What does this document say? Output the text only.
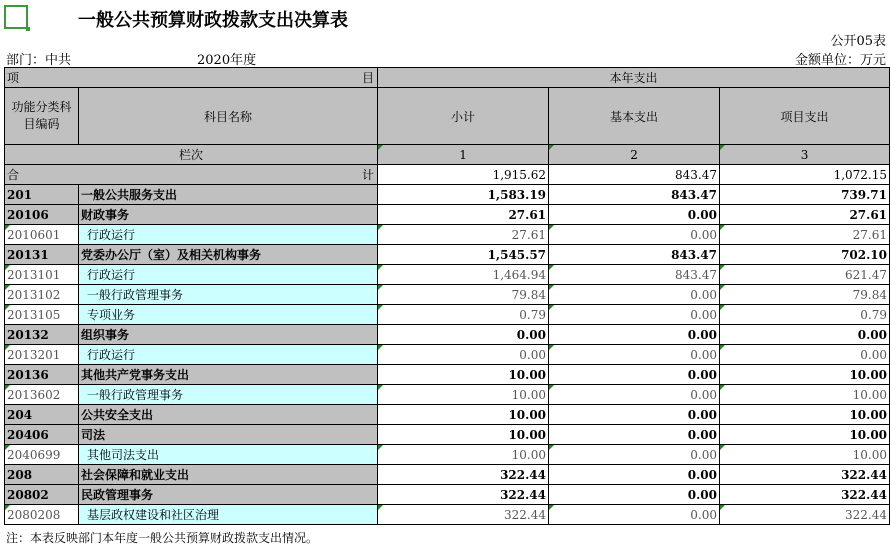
一般公共预算财政拨款支出决算表
公开05表
部门：中共	2020年度	金额单位：万元
项 目		本年支出		
功能分类科目编码	科目名称	小计	基本支出	项目支出
栏次		1	2	3
合 计		1,915.62	843.47	1,072.15
201	一般公共服务支出	1,583.19	843.47	739.71
20106	财政事务	27.61	0.00	27.61
2010601	行政运行	27.61	0.00	27.61
20131	党委办公厅（室）及相关机构事务	1,545.57	843.47	702.10
2013101	行政运行	1,464.94	843.47	621.47
2013102	一般行政管理事务	79.84	0.00	79.84
2013105	专项业务	0.79	0.00	0.79
20132	组织事务	0.00	0.00	0.00
2013201	行政运行	0.00	0.00	0.00
20136	其他共产党事务支出	10.00	0.00	10.00
2013602	一般行政管理事务	10.00	0.00	10.00
204	公共安全支出	10.00	0.00	10.00
20406	司法	10.00	0.00	10.00
2040699	其他司法支出	10.00	0.00	10.00
208	社会保障和就业支出	322.44	0.00	322.44
20802	民政管理事务	322.44	0.00	322.44
2080208	基层政权建设和社区治理	322.44	0.00	322.44
注：本表反映部门本年度一般公共预算财政拨款支出情况。
